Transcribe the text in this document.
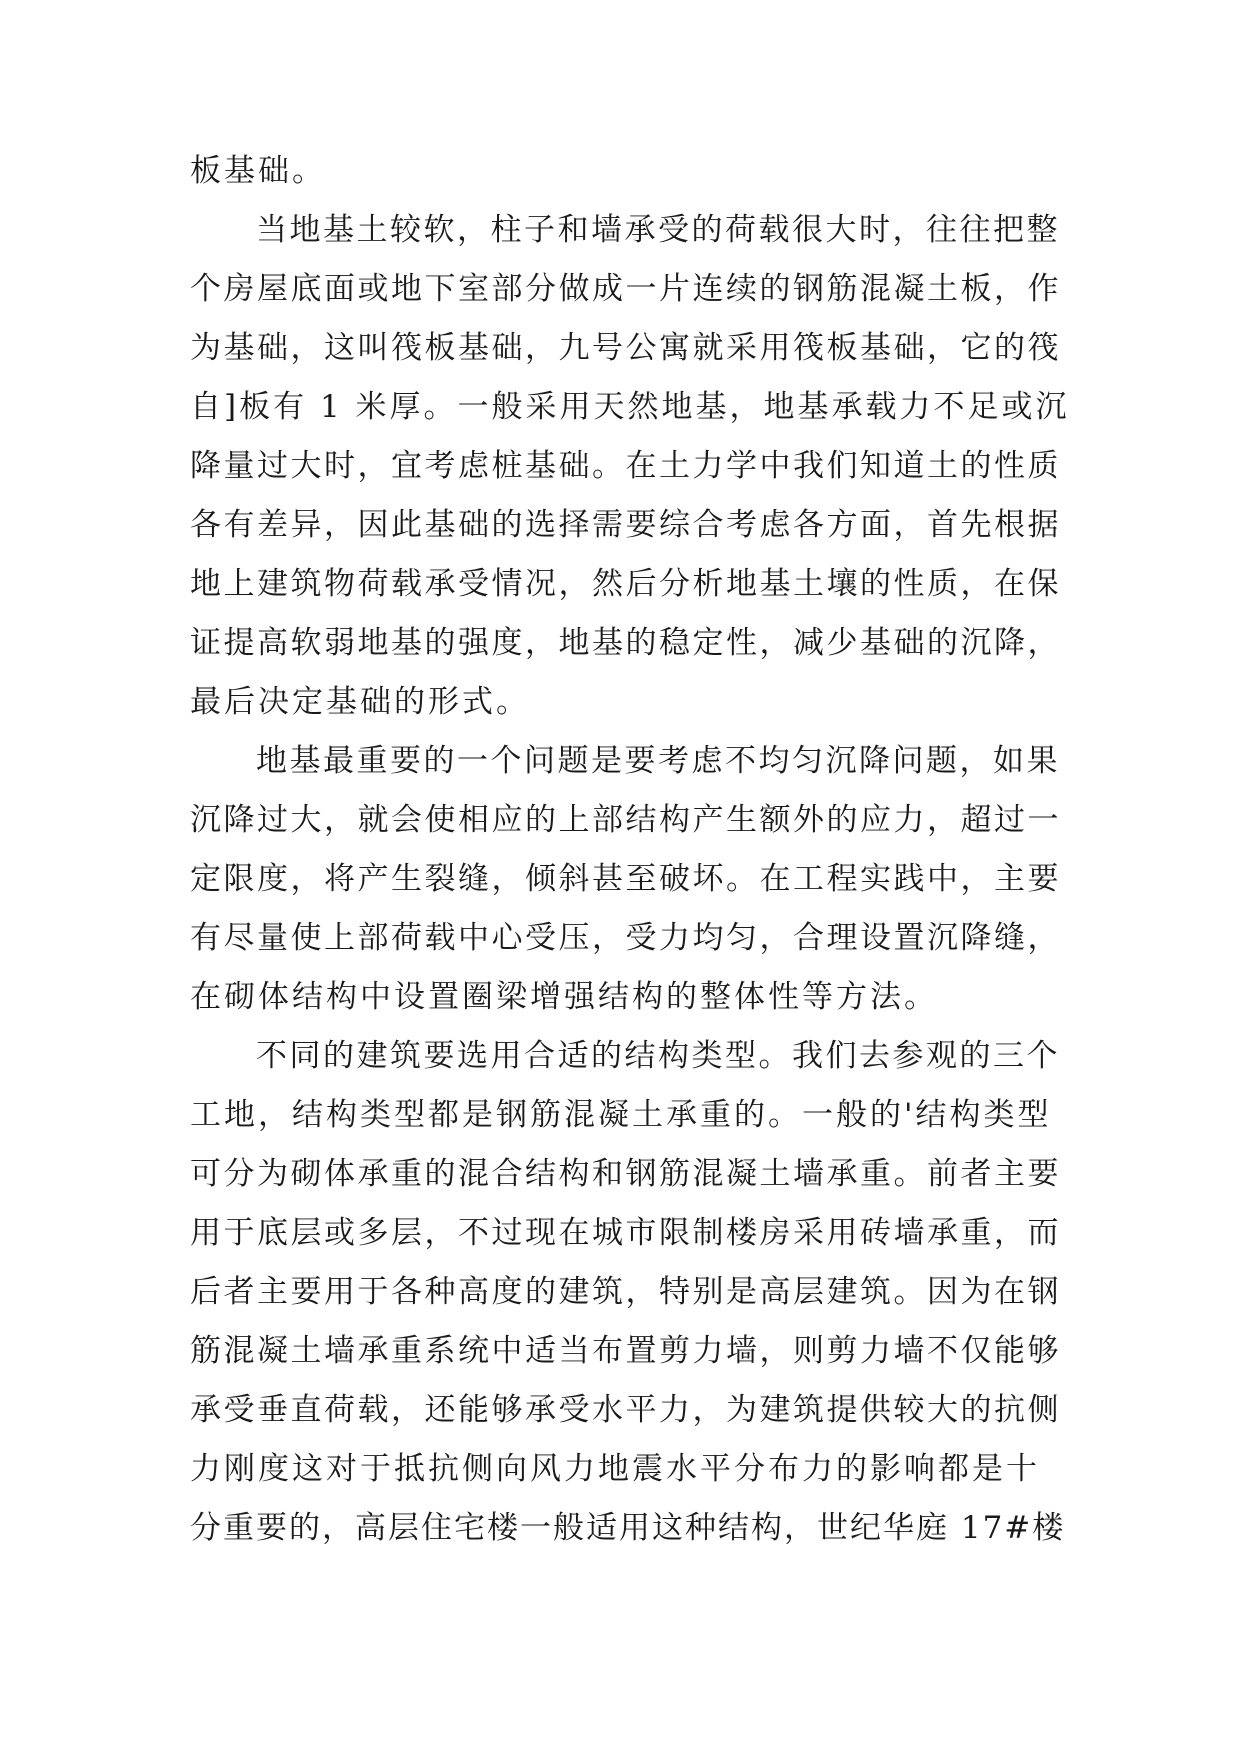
板基础。
当地基土较软，柱子和墙承受的荷载很大时，往往把整
个房屋底面或地下室部分做成一片连续的钢筋混凝土板，作
为基础，这叫筏板基础，九号公寓就采用筏板基础，它的筏
自]板有 1 米厚。一般采用天然地基，地基承载力不足或沉
降量过大时，宜考虑桩基础。在土力学中我们知道土的性质
各有差异，因此基础的选择需要综合考虑各方面，首先根据
地上建筑物荷载承受情况，然后分析地基土壤的性质，在保
证提高软弱地基的强度，地基的稳定性，减少基础的沉降，
最后决定基础的形式。
地基最重要的一个问题是要考虑不均匀沉降问题，如果
沉降过大，就会使相应的上部结构产生额外的应力，超过一
定限度，将产生裂缝，倾斜甚至破坏。在工程实践中，主要
有尽量使上部荷载中心受压，受力均匀，合理设置沉降缝，
在砌体结构中设置圈梁增强结构的整体性等方法。
不同的建筑要选用合适的结构类型。我们去参观的三个
工地，结构类型都是钢筋混凝土承重的。一般的'结构类型
可分为砌体承重的混合结构和钢筋混凝土墙承重。前者主要
用于底层或多层，不过现在城市限制楼房采用砖墙承重，而
后者主要用于各种高度的建筑，特别是高层建筑。因为在钢
筋混凝土墙承重系统中适当布置剪力墙，则剪力墙不仅能够
承受垂直荷载，还能够承受水平力，为建筑提供较大的抗侧
力刚度这对于抵抗侧向风力地震水平分布力的影响都是十
分重要的，高层住宅楼一般适用这种结构，世纪华庭 17#楼
